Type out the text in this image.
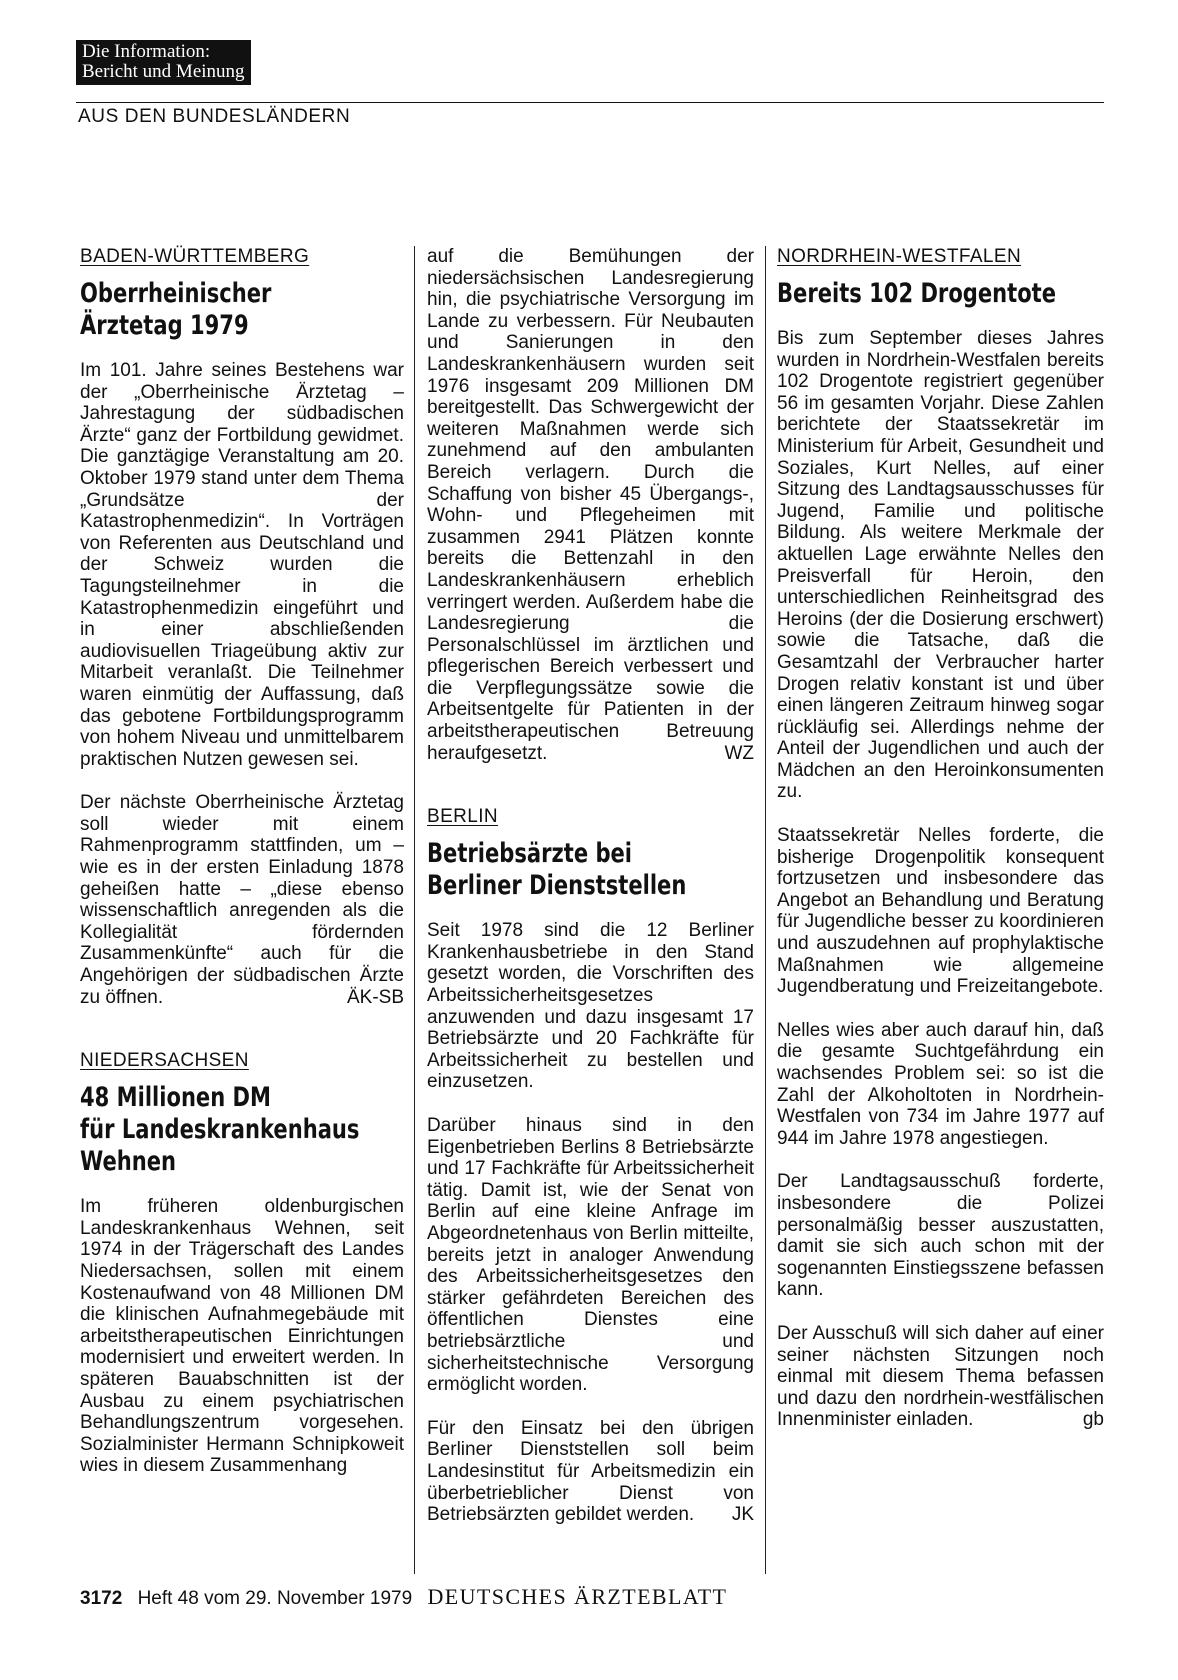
Die Information:
Bericht und Meinung
AUS DEN BUNDESLÄNDERN
BADEN-WÜRTTEMBERG
Oberrheinischer
Ärztetag 1979

Im 101. Jahre seines Bestehens war der „Oberrheinische Ärztetag – Jahrestagung der südbadischen Ärzte“ ganz der Fortbildung gewidmet. Die ganztägige Veranstaltung am 20. Oktober 1979 stand unter dem Thema „Grundsätze der Katastrophenmedizin“. In Vorträgen von Referenten aus Deutschland und der Schweiz wurden die Tagungsteilnehmer in die Katastrophenmedizin eingeführt und in einer abschließenden audiovisuellen Triageübung aktiv zur Mitarbeit veranlaßt. Die Teilnehmer waren einmütig der Auffassung, daß das gebotene Fortbildungsprogramm von hohem Niveau und unmittelbarem praktischen Nutzen gewesen sei.

Der nächste Oberrheinische Ärztetag soll wieder mit einem Rahmenprogramm stattfinden, um – wie es in der ersten Einladung 1878 geheißen hatte – „diese ebenso wissenschaftlich anregenden als die Kollegialität fördernden Zusammenkünfte“ auch für die Angehörigen der südbadischen Ärzte zu öffnen.	ÄK-SB

NIEDERSACHSEN
48 Millionen DM
für Landeskrankenhaus
Wehnen

Im früheren oldenburgischen Landeskrankenhaus Wehnen, seit 1974 in der Trägerschaft des Landes Niedersachsen, sollen mit einem Kostenaufwand von 48 Millionen DM die klinischen Aufnahmegebäude mit arbeitstherapeutischen Einrichtungen modernisiert und erweitert werden. In späteren Bauabschnitten ist der Ausbau zu einem psychiatrischen Behandlungszentrum vorgesehen. Sozialminister Hermann Schnipkoweit wies in diesem Zusammenhang

auf die Bemühungen der niedersächsischen Landesregierung hin, die psychiatrische Versorgung im Lande zu verbessern. Für Neubauten und Sanierungen in den Landeskrankenhäusern wurden seit 1976 insgesamt 209 Millionen DM bereitgestellt. Das Schwergewicht der weiteren Maßnahmen werde sich zunehmend auf den ambulanten Bereich verlagern. Durch die Schaffung von bisher 45 Übergangs-, Wohn- und Pflegeheimen mit zusammen 2941 Plätzen konnte bereits die Bettenzahl in den Landeskrankenhäusern erheblich verringert werden. Außerdem habe die Landesregierung die Personalschlüssel im ärztlichen und pflegerischen Bereich verbessert und die Verpflegungssätze sowie die Arbeitsentgelte für Patienten in der arbeitstherapeutischen Betreuung heraufgesetzt.	WZ

BERLIN
Betriebsärzte bei
Berliner Dienststellen

Seit 1978 sind die 12 Berliner Krankenhausbetriebe in den Stand gesetzt worden, die Vorschriften des Arbeitssicherheitsgesetzes anzuwenden und dazu insgesamt 17 Betriebsärzte und 20 Fachkräfte für Arbeitssicherheit zu bestellen und einzusetzen.

Darüber hinaus sind in den Eigenbetrieben Berlins 8 Betriebsärzte und 17 Fachkräfte für Arbeitssicherheit tätig. Damit ist, wie der Senat von Berlin auf eine kleine Anfrage im Abgeordnetenhaus von Berlin mitteilte, bereits jetzt in analoger Anwendung des Arbeitssicherheitsgesetzes den stärker gefährdeten Bereichen des öffentlichen Dienstes eine betriebsärztliche und sicherheitstechnische Versorgung ermöglicht worden.

Für den Einsatz bei den übrigen Berliner Dienststellen soll beim Landesinstitut für Arbeitsmedizin ein überbetrieblicher Dienst von Betriebsärzten gebildet werden. JK

NORDRHEIN-WESTFALEN
Bereits 102 Drogentote

Bis zum September dieses Jahres wurden in Nordrhein-Westfalen bereits 102 Drogentote registriert gegenüber 56 im gesamten Vorjahr. Diese Zahlen berichtete der Staatssekretär im Ministerium für Arbeit, Gesundheit und Soziales, Kurt Nelles, auf einer Sitzung des Landtagsausschusses für Jugend, Familie und politische Bildung. Als weitere Merkmale der aktuellen Lage erwähnte Nelles den Preisverfall für Heroin, den unterschiedlichen Reinheitsgrad des Heroins (der die Dosierung erschwert) sowie die Tatsache, daß die Gesamtzahl der Verbraucher harter Drogen relativ konstant ist und über einen längeren Zeitraum hinweg sogar rückläufig sei. Allerdings nehme der Anteil der Jugendlichen und auch der Mädchen an den Heroinkonsumenten zu.

Staatssekretär Nelles forderte, die bisherige Drogenpolitik konsequent fortzusetzen und insbesondere das Angebot an Behandlung und Beratung für Jugendliche besser zu koordinieren und auszudehnen auf prophylaktische Maßnahmen wie allgemeine Jugendberatung und Freizeitangebote.

Nelles wies aber auch darauf hin, daß die gesamte Suchtgefährdung ein wachsendes Problem sei: so ist die Zahl der Alkoholtoten in Nordrhein-Westfalen von 734 im Jahre 1977 auf 944 im Jahre 1978 angestiegen.

Der Landtagsausschuß forderte, insbesondere die Polizei personalmäßig besser auszustatten, damit sie sich auch schon mit der sogenannten Einstiegsszene befassen kann.

Der Ausschuß will sich daher auf einer seiner nächsten Sitzungen noch einmal mit diesem Thema befassen und dazu den nordrhein-westfälischen Innenminister einladen.	gb

3172 Heft 48 vom 29. November 1979 DEUTSCHES ÄRZTEBLATT
